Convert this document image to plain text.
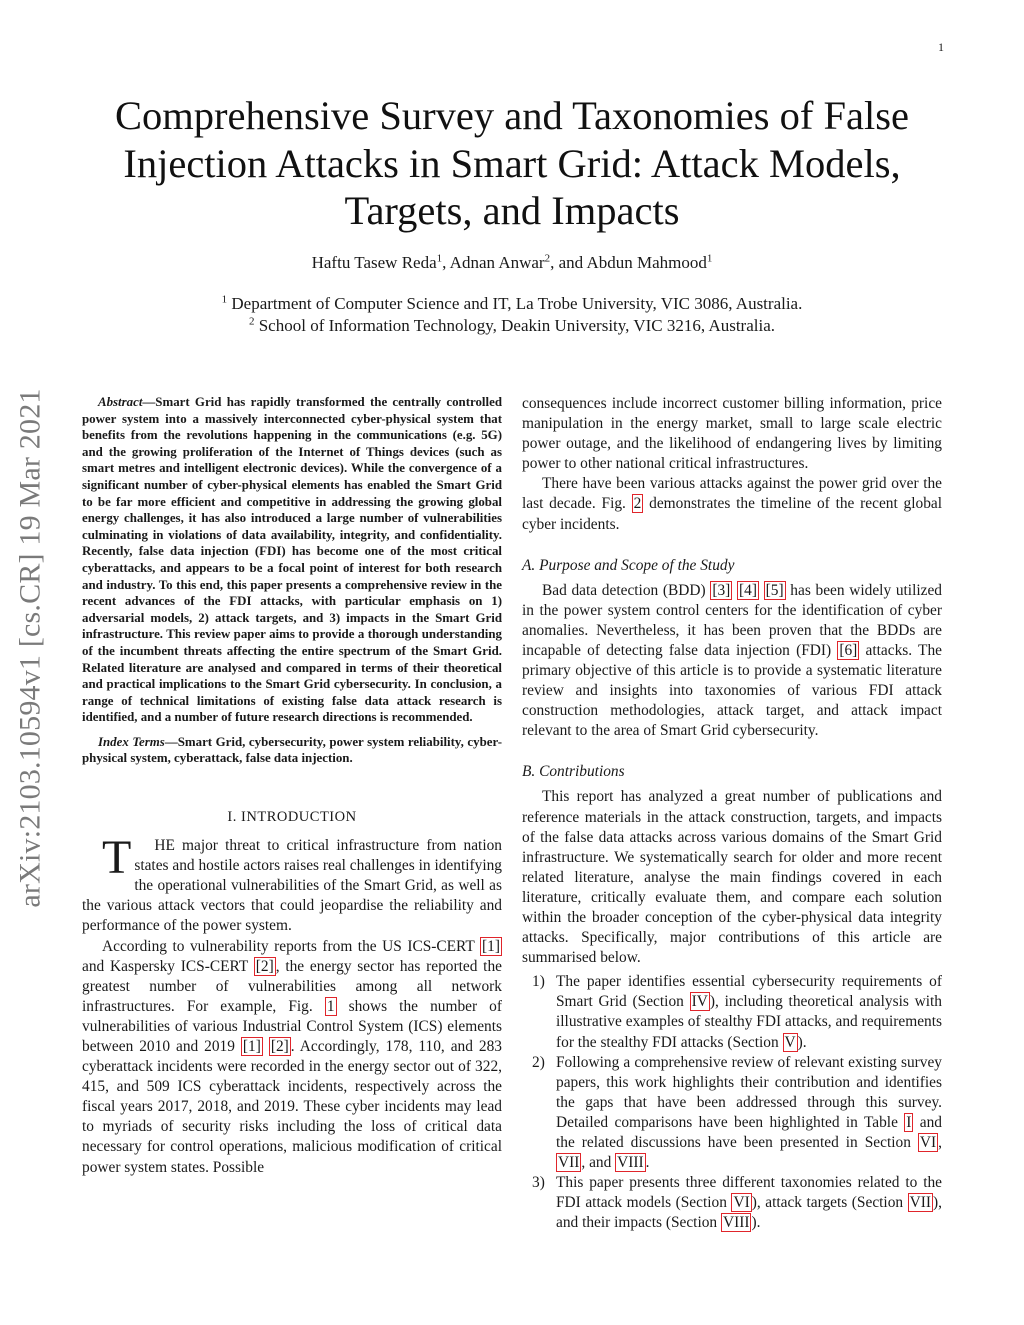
1
arXiv:2103.10594v1 [cs.CR] 19 Mar 2021
Comprehensive Survey and Taxonomies of False
Injection Attacks in Smart Grid: Attack Models,
Targets, and Impacts
Haftu Tasew Reda$^1$, Adnan Anwar$^2$, and Abdun Mahmood$^1$
$^1$ Department of Computer Science and IT, La Trobe University, VIC 3086, Australia.
$^2$ School of Information Technology, Deakin University, VIC 3216, Australia.

Abstract—Smart Grid has rapidly transformed the centrally controlled power system into a massively interconnected cyber-physical system that benefits from the revolutions happening in the communications (e.g. 5G) and the growing proliferation of the Internet of Things devices (such as smart metres and intelligent electronic devices). While the convergence of a significant number of cyber-physical elements has enabled the Smart Grid to be far more efficient and competitive in addressing the growing global energy challenges, it has also introduced a large number of vulnerabilities culminating in violations of data availability, integrity, and confidentiality. Recently, false data injection (FDI) has become one of the most critical cyberattacks, and appears to be a focal point of interest for both research and industry. To this end, this paper presents a comprehensive review in the recent advances of the FDI attacks, with particular emphasis on 1) adversarial models, 2) attack targets, and 3) impacts in the Smart Grid infrastructure. This review paper aims to provide a thorough understanding of the incumbent threats affecting the entire spectrum of the Smart Grid. Related literature are analysed and compared in terms of their theoretical and practical implications to the Smart Grid cybersecurity. In conclusion, a range of technical limitations of existing false data attack research is identified, and a number of future research directions is recommended.

Index Terms—Smart Grid, cybersecurity, power system reliability, cyber-physical system, cyberattack, false data injection.

I. INTRODUCTION

T HE major threat to critical infrastructure from nation states and hostile actors raises real challenges in identifying the operational vulnerabilities of the Smart Grid, as well as the various attack vectors that could jeopardise the reliability and performance of the power system.

According to vulnerability reports from the US ICS-CERT [1] and Kaspersky ICS-CERT [2] , the energy sector has reported the greatest number of vulnerabilities among all network infrastructures. For example, Fig. 1 shows the number of vulnerabilities of various Industrial Control System (ICS) elements between 2010 and 2019 [1] [2] . Accordingly, 178, 110, and 283 cyberattack incidents were recorded in the energy sector out of 322, 415, and 509 ICS cyberattack incidents, respectively across the fiscal years 2017, 2018, and 2019. These cyber incidents may lead to myriads of security risks including the loss of critical data necessary for control operations, malicious modification of critical power system states. Possible

consequences include incorrect customer billing information, price manipulation in the energy market, small to large scale electric power outage, and the likelihood of endangering lives by limiting power to other national critical infrastructures.

There have been various attacks against the power grid over the last decade. Fig. 2 demonstrates the timeline of the recent global cyber incidents.

A. Purpose and Scope of the Study

Bad data detection (BDD) [3] [4] [5] has been widely utilized in the power system control centers for the identification of cyber anomalies. Nevertheless, it has been proven that the BDDs are incapable of detecting false data injection (FDI) [6] attacks. The primary objective of this article is to provide a systematic literature review and insights into taxonomies of various FDI attack construction methodologies, attack target, and attack impact relevant to the area of Smart Grid cybersecurity.

B. Contributions

This report has analyzed a great number of publications and reference materials in the attack construction, targets, and impacts of the false data attacks across various domains of the Smart Grid infrastructure. We systematically search for older and more recent related literature, analyse the main findings covered in each literature, critically evaluate them, and compare each solution within the broader conception of the cyber-physical data integrity attacks. Specifically, major contributions of this article are summarised below.

1) The paper identifies essential cybersecurity requirements of Smart Grid (Section IV ), including theoretical analysis with illustrative examples of stealthy FDI attacks, and requirements for the stealthy FDI attacks (Section V ).
2) Following a comprehensive review of relevant existing survey papers, this work highlights their contribution and identifies the gaps that have been addressed through this survey. Detailed comparisons have been highlighted in Table I and the related discussions have been presented in Section VI , VII , and VIII .
3) This paper presents three different taxonomies related to the FDI attack models (Section VI ), attack targets (Section VII ), and their impacts (Section VIII ).
